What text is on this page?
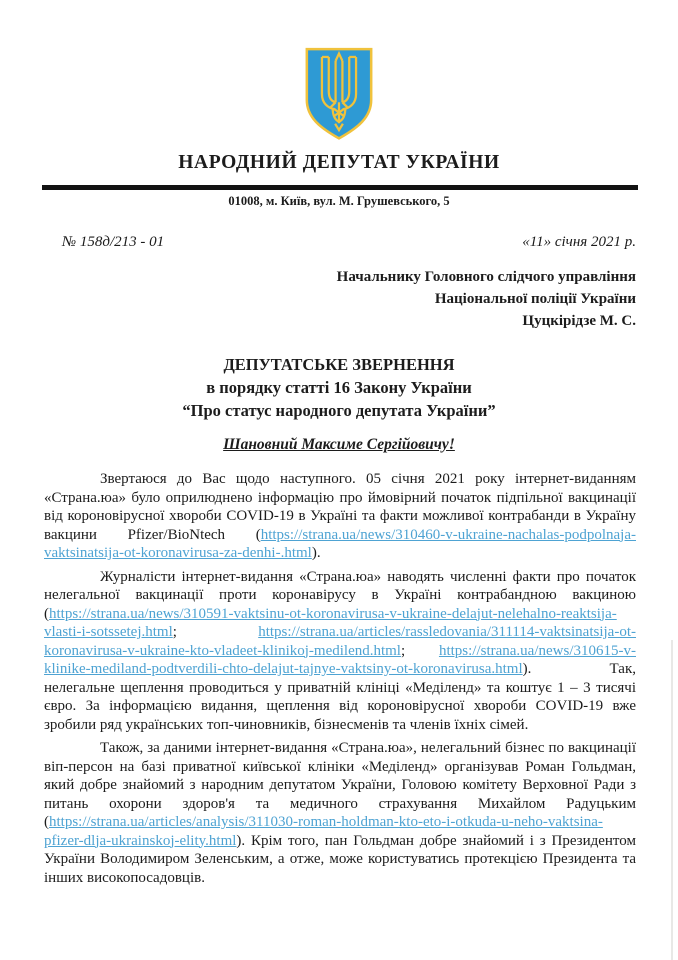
НАРОДНИЙ ДЕПУТАТ УКРАЇНИ
01008, м. Київ, вул. М. Грушевського, 5
№ 158д/213 - 01	«11» січня 2021 р.
Начальнику Головного слідчого управління
Національної поліції України
Цуцкірідзе М. С.
ДЕПУТАТСЬКЕ ЗВЕРНЕННЯ
в порядку статті 16 Закону України
“Про статус народного депутата України”
Шановний Максиме Сергійовичу!

Звертаюся до Вас щодо наступного. 05 січня 2021 року інтернет-виданням «Страна.юа» було оприлюднено інформацію про ймовірний початок підпільної вакцинації від короновірусної хвороби COVID-19 в Україні та факти можливої контрабанди в Україну вакцини Pfizer/BioNtech (https://strana.ua/news/310460-v-ukraine-nachalas-podpolnaja-vaktsinatsija-ot-koronavirusa-za-denhi-.html).

Журналісти інтернет-видання «Страна.юа» наводять численні факти про початок нелегальної вакцинації проти коронавірусу в Україні контрабандною вакциною (https://strana.ua/news/310591-vaktsinu-ot-koronavirusa-v-ukraine-delajut-nelehalno-reaktsija-vlasti-i-sotssetej.html; https://strana.ua/articles/rassledovania/311114-vaktsinatsija-ot-koronavirusa-v-ukraine-kto-vladeet-klinikoj-medilend.html; https://strana.ua/news/310615-v-klinike-mediland-podtverdili-chto-delajut-tajnye-vaktsiny-ot-koronavirusa.html). Так, нелегальне щеплення проводиться у приватній клініці «Меділенд» та коштує 1 – 3 тисячі євро. За інформацією видання, щеплення від короновірусної хвороби COVID-19 вже зробили ряд українських топ-чиновників, бізнесменів та членів їхніх сімей.

Також, за даними інтернет-видання «Страна.юа», нелегальний бізнес по вакцинації віп-персон на базі приватної київської клініки «Меділенд» організував Роман Гольдман, який добре знайомий з народним депутатом України, Головою комітету Верховної Ради з питань охорони здоров'я та медичного страхування Михайлом Радуцьким (https://strana.ua/articles/analysis/311030-roman-holdman-kto-eto-i-otkuda-u-neho-vaktsina-pfizer-dlja-ukrainskoj-elity.html). Крім того, пан Гольдман добре знайомий і з Президентом України Володимиром Зеленським, а отже, може користуватись протекцією Президента та інших високопосадовців.
